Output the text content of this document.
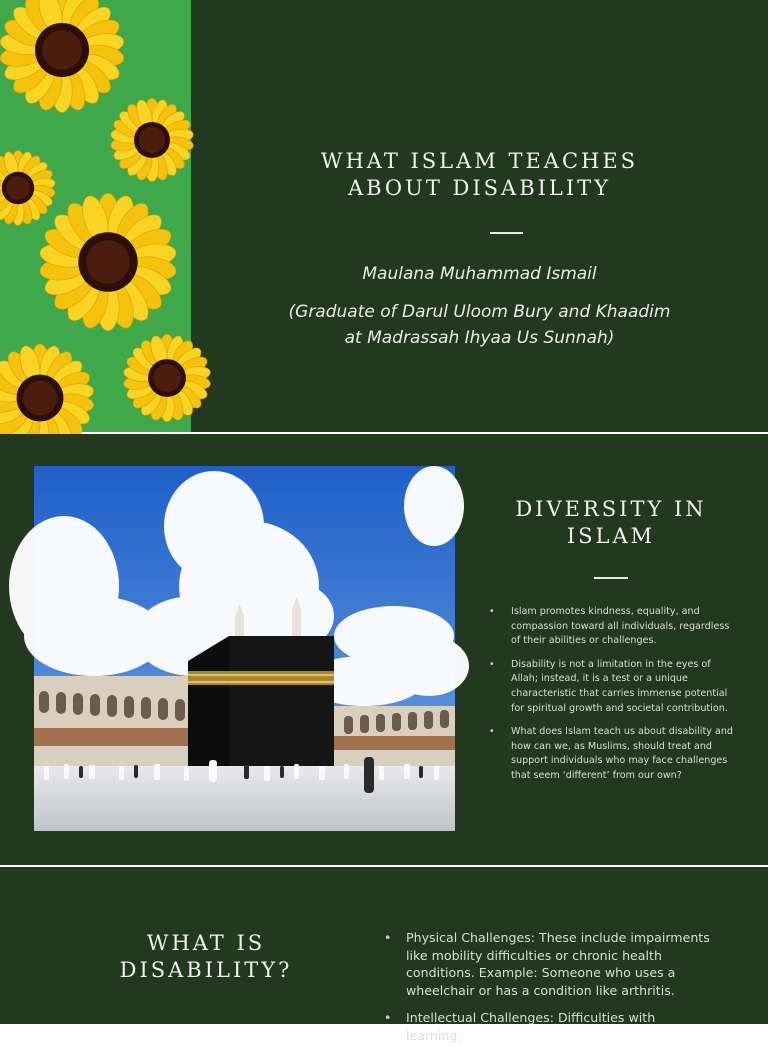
WHAT ISLAM TEACHES
ABOUT DISABILITY

Maulana Muhammad Ismail

(Graduate of Darul Uloom Bury and Khaadim
at Madrassah Ihyaa Us Sunnah)

DIVERSITY IN
ISLAM
• Islam promotes kindness, equality, and compassion toward all individuals, regardless of their abilities or challenges.
• Disability is not a limitation in the eyes of Allah; instead, it is a test or a unique characteristic that carries immense potential for spiritual growth and societal contribution.
• What does Islam teach us about disability and how can we, as Muslims, should treat and support individuals who may face challenges that seem ‘different’ from our own?
WHAT IS
DISABILITY?
• Physical Challenges: These include impairments like mobility difficulties or chronic health conditions. Example: Someone who uses a wheelchair or has a condition like arthritis.
• Intellectual Challenges: Difficulties with learning,
